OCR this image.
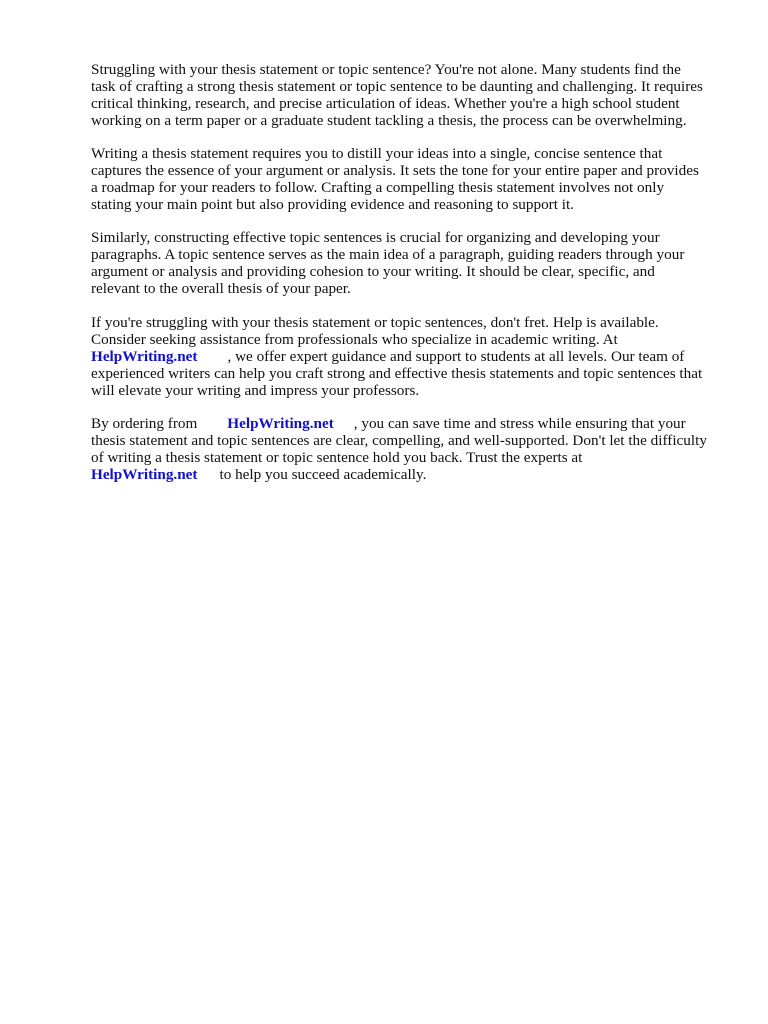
Struggling with your thesis statement or topic sentence? You're not alone. Many students find the
task of crafting a strong thesis statement or topic sentence to be daunting and challenging. It requires
critical thinking, research, and precise articulation of ideas. Whether you're a high school student
working on a term paper or a graduate student tackling a thesis, the process can be overwhelming.

Writing a thesis statement requires you to distill your ideas into a single, concise sentence that
captures the essence of your argument or analysis. It sets the tone for your entire paper and provides
a roadmap for your readers to follow. Crafting a compelling thesis statement involves not only
stating your main point but also providing evidence and reasoning to support it.

Similarly, constructing effective topic sentences is crucial for organizing and developing your
paragraphs. A topic sentence serves as the main idea of a paragraph, guiding readers through your
argument or analysis and providing cohesion to your writing. It should be clear, specific, and
relevant to the overall thesis of your paper.

If you're struggling with your thesis statement or topic sentences, don't fret. Help is available.
Consider seeking assistance from professionals who specialize in academic writing. At
HelpWriting.net , we offer expert guidance and support to students at all levels. Our team of
experienced writers can help you craft strong and effective thesis statements and topic sentences that
will elevate your writing and impress your professors.

By ordering from HelpWriting.net , you can save time and stress while ensuring that your
thesis statement and topic sentences are clear, compelling, and well-supported. Don't let the difficulty
of writing a thesis statement or topic sentence hold you back. Trust the experts at
HelpWriting.net to help you succeed academically.
